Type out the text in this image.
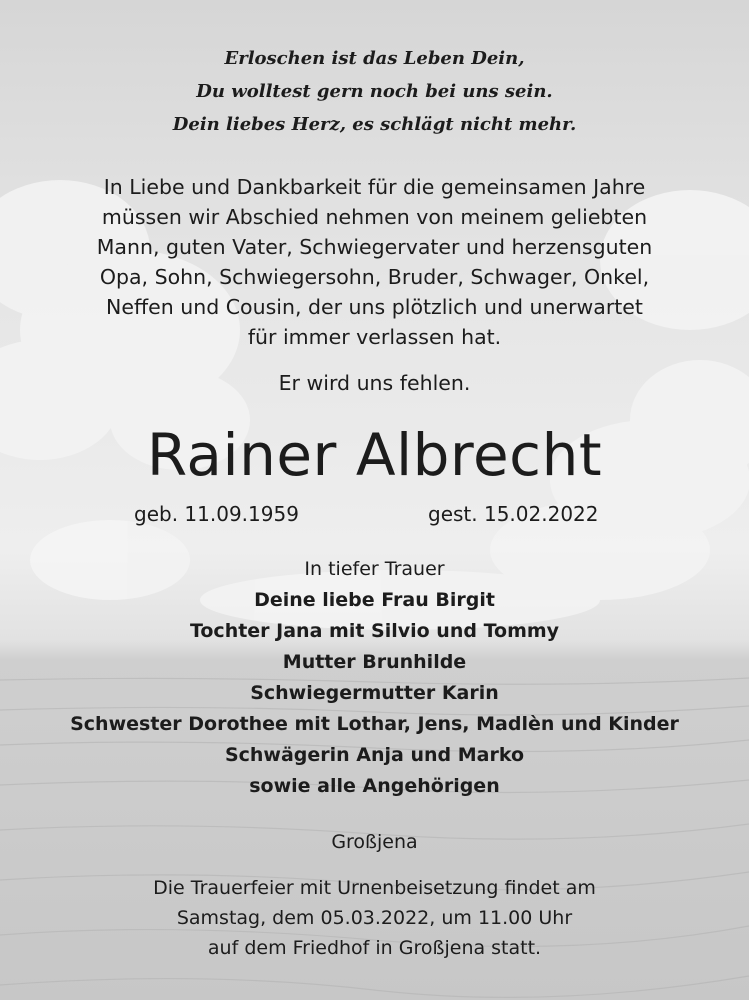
Erloschen ist das Leben Dein,
Du wolltest gern noch bei uns sein.
Dein liebes Herz, es schlägt nicht mehr.
In Liebe und Dankbarkeit für die gemeinsamen Jahre
müssen wir Abschied nehmen von meinem geliebten
Mann, guten Vater, Schwiegervater und herzensguten
Opa, Sohn, Schwiegersohn, Bruder, Schwager, Onkel,
Neffen und Cousin, der uns plötzlich und unerwartet
für immer verlassen hat.
Er wird uns fehlen.
Rainer Albrecht
geb. 11.09.1959	gest. 15.02.2022
In tiefer Trauer
Deine liebe Frau Birgit
Tochter Jana mit Silvio und Tommy
Mutter Brunhilde
Schwiegermutter Karin
Schwester Dorothee mit Lothar, Jens, Madlèn und Kinder
Schwägerin Anja und Marko
sowie alle Angehörigen
Großjena
Die Trauerfeier mit Urnenbeisetzung findet am
Samstag, dem 05.03.2022, um 11.00 Uhr
auf dem Friedhof in Großjena statt.
